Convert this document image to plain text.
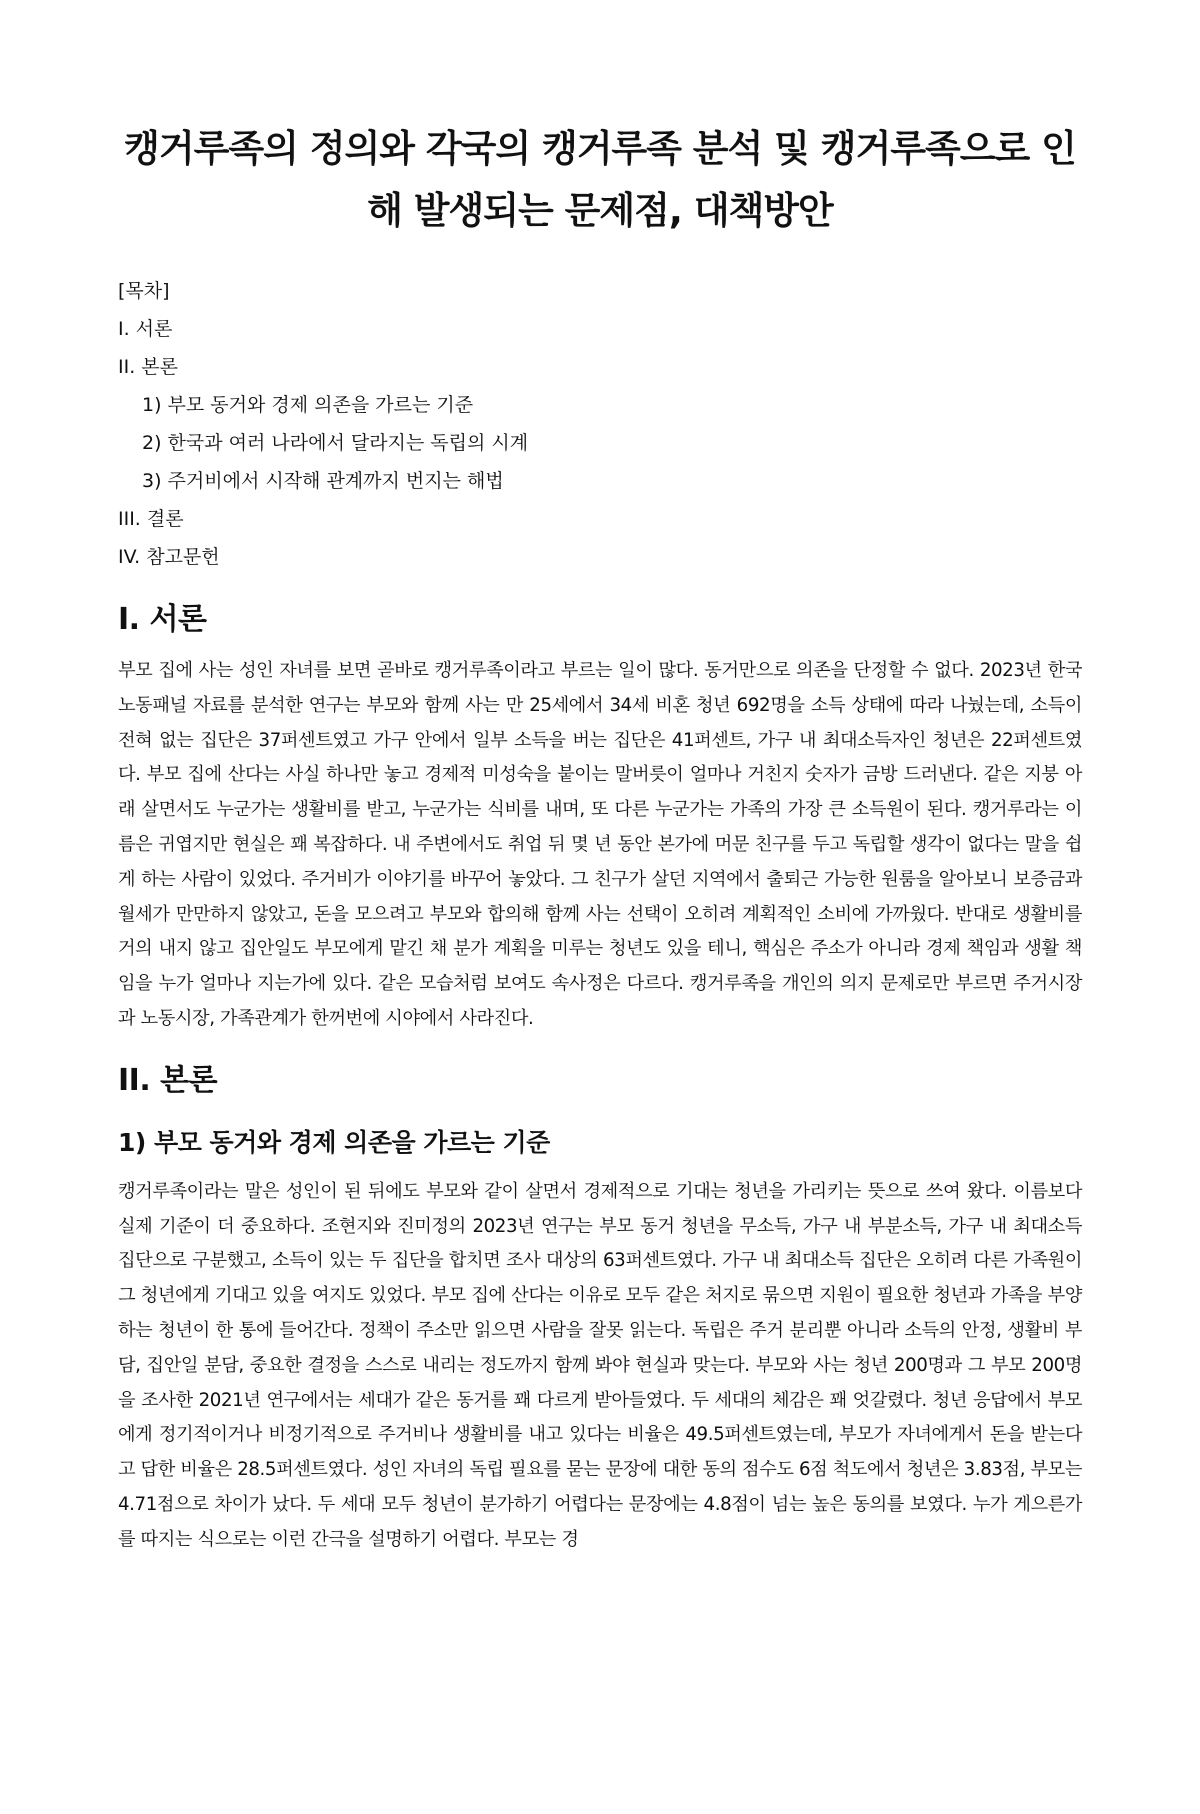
캥거루족의 정의와 각국의 캥거루족 분석 및 캥거루족으로 인해 발생되는 문제점, 대책방안
[목차]
I. 서론
II. 본론
1) 부모 동거와 경제 의존을 가르는 기준
2) 한국과 여러 나라에서 달라지는 독립의 시계
3) 주거비에서 시작해 관계까지 번지는 해법
III. 결론
IV. 참고문헌
I. 서론

부모 집에 사는 성인 자녀를 보면 곧바로 캥거루족이라고 부르는 일이 많다. 동거만으로 의존을 단정할 수 없다. 2023년 한국노동패널 자료를 분석한 연구는 부모와 함께 사는 만 25세에서 34세 비혼 청년 692명을 소득 상태에 따라 나눴는데, 소득이 전혀 없는 집단은 37퍼센트였고 가구 안에서 일부 소득을 버는 집단은 41퍼센트, 가구 내 최대소득자인 청년은 22퍼센트였다. 부모 집에 산다는 사실 하나만 놓고 경제적 미성숙을 붙이는 말버릇이 얼마나 거친지 숫자가 금방 드러낸다. 같은 지붕 아래 살면서도 누군가는 생활비를 받고, 누군가는 식비를 내며, 또 다른 누군가는 가족의 가장 큰 소득원이 된다. 캥거루라는 이름은 귀엽지만 현실은 꽤 복잡하다. 내 주변에서도 취업 뒤 몇 년 동안 본가에 머문 친구를 두고 독립할 생각이 없다는 말을 쉽게 하는 사람이 있었다. 주거비가 이야기를 바꾸어 놓았다. 그 친구가 살던 지역에서 출퇴근 가능한 원룸을 알아보니 보증금과 월세가 만만하지 않았고, 돈을 모으려고 부모와 합의해 함께 사는 선택이 오히려 계획적인 소비에 가까웠다. 반대로 생활비를 거의 내지 않고 집안일도 부모에게 맡긴 채 분가 계획을 미루는 청년도 있을 테니, 핵심은 주소가 아니라 경제 책임과 생활 책임을 누가 얼마나 지는가에 있다. 같은 모습처럼 보여도 속사정은 다르다. 캥거루족을 개인의 의지 문제로만 부르면 주거시장과 노동시장, 가족관계가 한꺼번에 시야에서 사라진다.

II. 본론
1) 부모 동거와 경제 의존을 가르는 기준

캥거루족이라는 말은 성인이 된 뒤에도 부모와 같이 살면서 경제적으로 기대는 청년을 가리키는 뜻으로 쓰여 왔다. 이름보다 실제 기준이 더 중요하다. 조현지와 진미정의 2023년 연구는 부모 동거 청년을 무소득, 가구 내 부분소득, 가구 내 최대소득 집단으로 구분했고, 소득이 있는 두 집단을 합치면 조사 대상의 63퍼센트였다. 가구 내 최대소득 집단은 오히려 다른 가족원이 그 청년에게 기대고 있을 여지도 있었다. 부모 집에 산다는 이유로 모두 같은 처지로 묶으면 지원이 필요한 청년과 가족을 부양하는 청년이 한 통에 들어간다. 정책이 주소만 읽으면 사람을 잘못 읽는다. 독립은 주거 분리뿐 아니라 소득의 안정, 생활비 부담, 집안일 분담, 중요한 결정을 스스로 내리는 정도까지 함께 봐야 현실과 맞는다. 부모와 사는 청년 200명과 그 부모 200명을 조사한 2021년 연구에서는 세대가 같은 동거를 꽤 다르게 받아들였다. 두 세대의 체감은 꽤 엇갈렸다. 청년 응답에서 부모에게 정기적이거나 비정기적으로 주거비나 생활비를 내고 있다는 비율은 49.5퍼센트였는데, 부모가 자녀에게서 돈을 받는다고 답한 비율은 28.5퍼센트였다. 성인 자녀의 독립 필요를 묻는 문장에 대한 동의 점수도 6점 척도에서 청년은 3.83점, 부모는 4.71점으로 차이가 났다. 두 세대 모두 청년이 분가하기 어렵다는 문장에는 4.8점이 넘는 높은 동의를 보였다. 누가 게으른가를 따지는 식으로는 이런 간극을 설명하기 어렵다. 부모는 경
